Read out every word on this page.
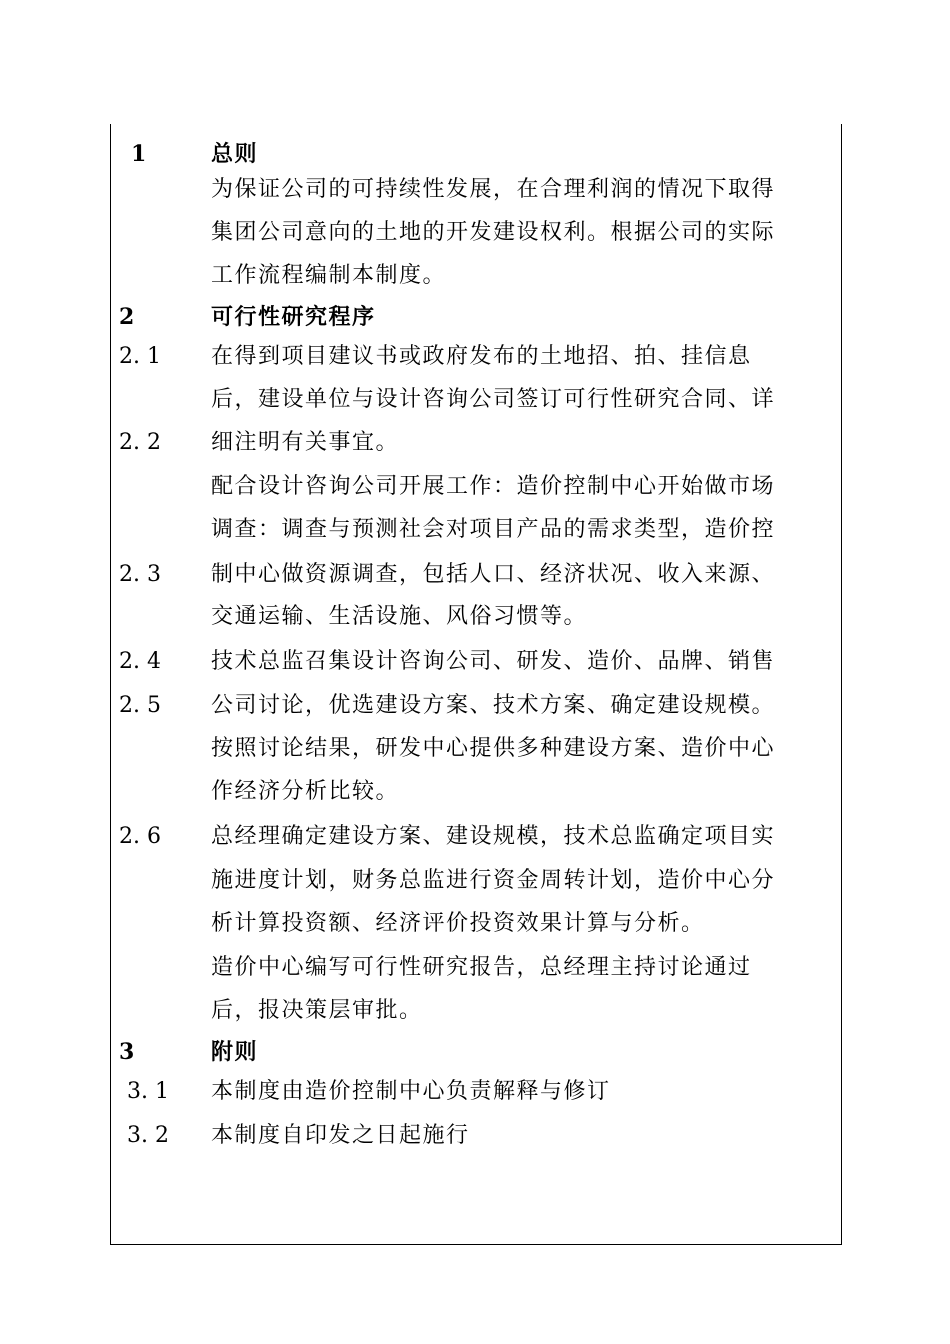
1	总则
为保证公司的可持续性发展，在合理利润的情况下取得
集团公司意向的土地的开发建设权利。根据公司的实际
工作流程编制本制度。
2	可行性研究程序
2. 1 在得到项目建议书或政府发布的土地招、拍、挂信息
后，建设单位与设计咨询公司签订可行性研究合同、详
2. 2 细注明有关事宜。
配合设计咨询公司开展工作：造价控制中心开始做市场
调查：调查与预测社会对项目产品的需求类型，造价控
2. 3 制中心做资源调查，包括人口、经济状况、收入来源、
交通运输、生活设施、风俗习惯等。
2. 4 技术总监召集设计咨询公司、研发、造价、品牌、销售
2. 5 公司讨论，优选建设方案、技术方案、确定建设规模。
按照讨论结果，研发中心提供多种建设方案、造价中心
作经济分析比较。
2. 6 总经理确定建设方案、建设规模，技术总监确定项目实
施进度计划，财务总监进行资金周转计划，造价中心分
析计算投资额、经济评价投资效果计算与分析。
造价中心编写可行性研究报告，总经理主持讨论通过
后，报决策层审批。
3	附则
3. 1 本制度由造价控制中心负责解释与修订
3. 2 本制度自印发之日起施行
